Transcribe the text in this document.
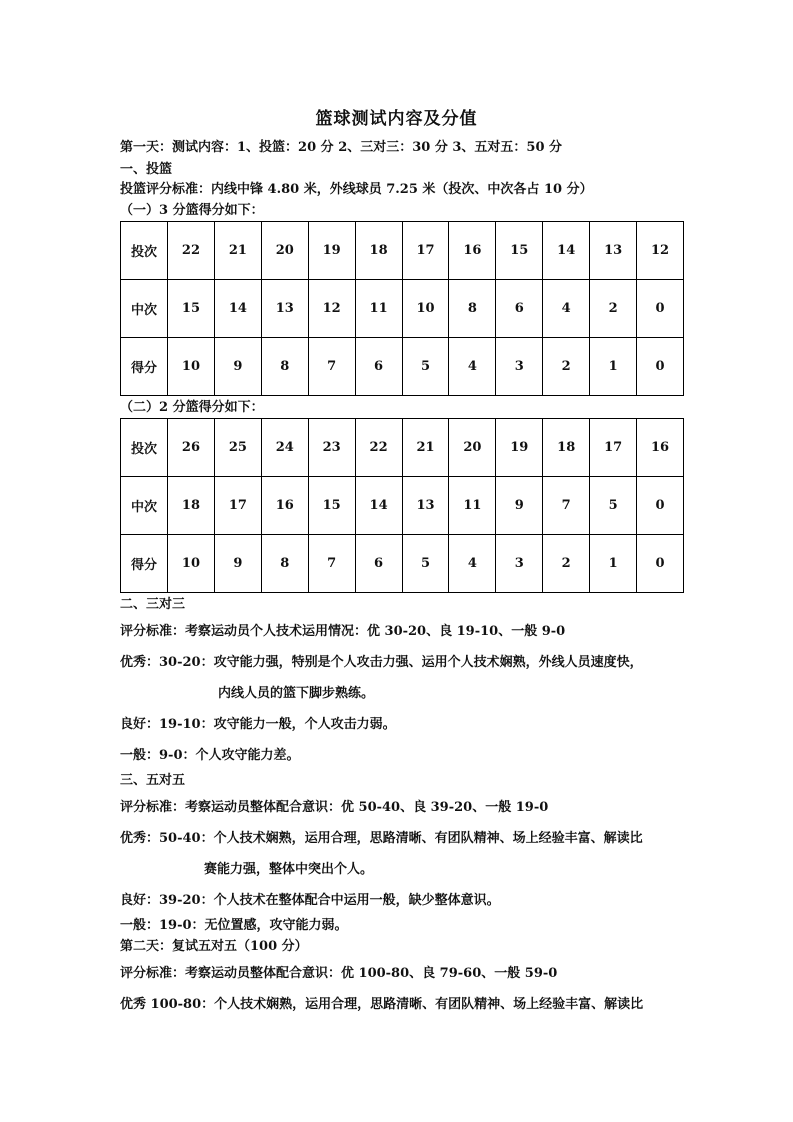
篮球测试内容及分值
第一天：测试内容：1、投篮：20 分 2、三对三：30 分 3、五对五：50 分
一、投篮
投篮评分标准：内线中锋 4.80 米，外线球员 7.25 米（投次、中次各占 10 分）
（一）3 分篮得分如下：
投次	22	21	20	19	18	17	16	15	14	13	12
中次	15	14	13	12	11	10	8	6	4	2	0
得分	10	9	8	7	6	5	4	3	2	1	0
（二）2 分篮得分如下：
投次	26	25	24	23	22	21	20	19	18	17	16
中次	18	17	16	15	14	13	11	9	7	5	0
得分	10	9	8	7	6	5	4	3	2	1	0
二、三对三
评分标准：考察运动员个人技术运用情况：优 30-20、良 19-10、一般 9-0
优秀：30-20：攻守能力强，特别是个人攻击力强、运用个人技术娴熟，外线人员速度快，
内线人员的篮下脚步熟练。
良好：19-10：攻守能力一般，个人攻击力弱。
一般：9-0：个人攻守能力差。
三、五对五
评分标准：考察运动员整体配合意识：优 50-40、良 39-20、一般 19-0
优秀：50-40：个人技术娴熟，运用合理，思路清晰、有团队精神、场上经验丰富、解读比
赛能力强，整体中突出个人。
良好：39-20：个人技术在整体配合中运用一般，缺少整体意识。
一般：19-0：无位置感，攻守能力弱。
第二天：复试五对五（100 分）
评分标准：考察运动员整体配合意识：优 100-80、良 79-60、一般 59-0
优秀 100-80：个人技术娴熟，运用合理，思路清晰、有团队精神、场上经验丰富、解读比
